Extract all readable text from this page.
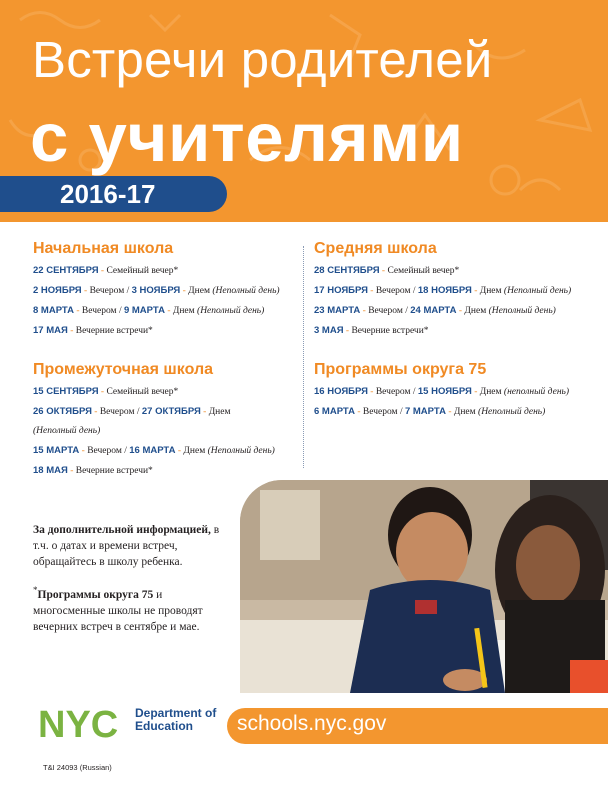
Встречи родителей
с учителями
2016-17
Начальная школа
22 СЕНТЯБРЯ - Семейный вечер*
2 НОЯБРЯ - Вечером / 3 НОЯБРЯ - Днем (Неполный день)
8 МАРТА - Вечером / 9 МАРТА - Днем (Неполный день)
17 МАЯ - Вечерние встречи*
Промежуточная школа
15 СЕНТЯБРЯ - Семейный вечер*
26 ОКТЯБРЯ - Вечером / 27 ОКТЯБРЯ - Днем
(Неполный день)
15 МАРТА - Вечером / 16 МАРТА - Днем (Неполный день)
18 МАЯ - Вечерние встречи*
Средняя школа
28 СЕНТЯБРЯ - Семейный вечер*
17 НОЯБРЯ - Вечером / 18 НОЯБРЯ - Днем (Неполный день)
23 МАРТА - Вечером / 24 МАРТА - Днем (Неполный день)
3 МАЯ - Вечерние встречи*
Программы округа 75
16 НОЯБРЯ - Вечером / 15 НОЯБРЯ - Днем (неполный день)
6 МАРТА - Вечером / 7 МАРТА - Днем (Неполный день)

За дополнительной информацией, в т.ч. о датах и времени встреч, обращайтесь в школу ребенка.

*Программы округа 75 и многосменные школы не проводят вечерних встреч в сентябре и мае.

NYC Department of
Education	schools.nyc.gov
T&I 24093 (Russian)
